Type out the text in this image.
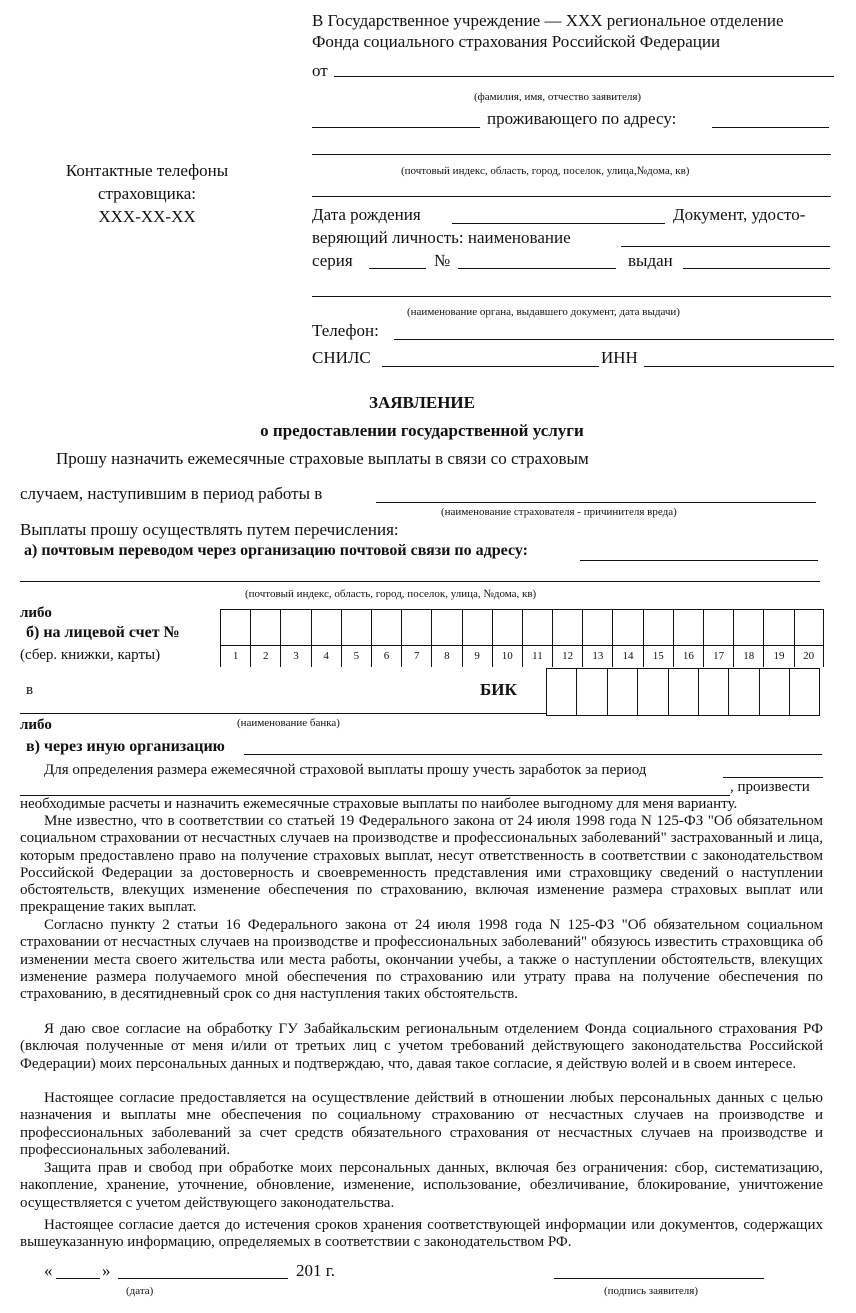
В Государственное учреждение — XXX региональное отделение
Фонда социального страхования Российской Федерации
от
(фамилия, имя, отчество заявителя)
проживающего по адресу:
(почтовый индекс, область, город, поселок, улица,№дома, кв)
Дата рождения	Документ, удосто-
веряющий личность: наименование
серия	№	выдан
(наименование органа, выдавшего документ, дата выдачи)
Телефон:
СНИЛС	ИНН
Контактные телефоны
страховщика:
XXX-XX-XX
ЗАЯВЛЕНИЕ
о предоставлении государственной услуги
Прошу назначить ежемесячные страховые выплаты в связи со страховым
случаем, наступившим в период работы в
(наименование страхователя - причинителя вреда)
Выплаты прошу осуществлять путем перечисления:
а) почтовым переводом через организацию почтовой связи по адресу:
(почтовый индекс, область, город, поселок, улица, №дома, кв)
либо
б) на лицевой счет №
(сбер. книжки, карты)	1	2	3	4	5	6	7	8	9	10	11	12	13	14	15	16	17	18	19	20
в	БИК
либо	(наименование банка)
в) через иную организацию
Для определения размера ежемесячной страховой выплаты прошу учесть заработок за период
, произвести
необходимые расчеты и назначить ежемесячные страховые выплаты по наиболее выгодному для меня варианту.
Мне известно, что в соответствии со статьей 19 Федерального закона от 24 июля 1998 года N 125-ФЗ "Об обязательном социальном страховании от несчастных случаев на производстве и профессиональных заболеваний" застрахованный и лица, которым предоставлено право на получение страховых выплат, несут ответственность в соответствии с законодательством Российской Федерации за достоверность и своевременность представления ими страховщику сведений о наступлении обстоятельств, влекущих изменение обеспечения по страхованию, включая изменение размера страховых выплат или прекращение таких выплат.
Согласно пункту 2 статьи 16 Федерального закона от 24 июля 1998 года N 125-ФЗ "Об обязательном социальном страховании от несчастных случаев на производстве и профессиональных заболеваний" обязуюсь известить страховщика об изменении места своего жительства или места работы, окончании учебы, а также о наступлении обстоятельств, влекущих изменение размера получаемого мной обеспечения по страхованию или утрату права на получение обеспечения по страхованию, в десятидневный срок со дня наступления таких обстоятельств.
Я даю свое согласие на обработку ГУ Забайкальским региональным отделением Фонда социального страхования РФ (включая полученные от меня и/или от третьих лиц с учетом требований действующего законодательства Российской Федерации) моих персональных данных и подтверждаю, что, давая такое согласие, я действую волей и в своем интересе.
Настоящее согласие предоставляется на осуществление действий в отношении любых персональных данных с целью назначения и выплаты мне обеспечения по социальному страхованию от несчастных случаев на производстве и профессиональных заболеваний за счет средств обязательного страхования от несчастных случаев на производстве и профессиональных заболеваний.
Защита прав и свобод при обработке моих персональных данных, включая без ограничения: сбор, систематизацию, накопление, хранение, уточнение, обновление, изменение, использование, обезличивание, блокирование, уничтожение осуществляется с учетом действующего законодательства.
Настоящее согласие дается до истечения сроков хранения соответствующей информации или документов, содержащих вышеуказанную информацию, определяемых в соответствии с законодательством РФ.
«	»	201 г.
(дата)	(подпись заявителя)
